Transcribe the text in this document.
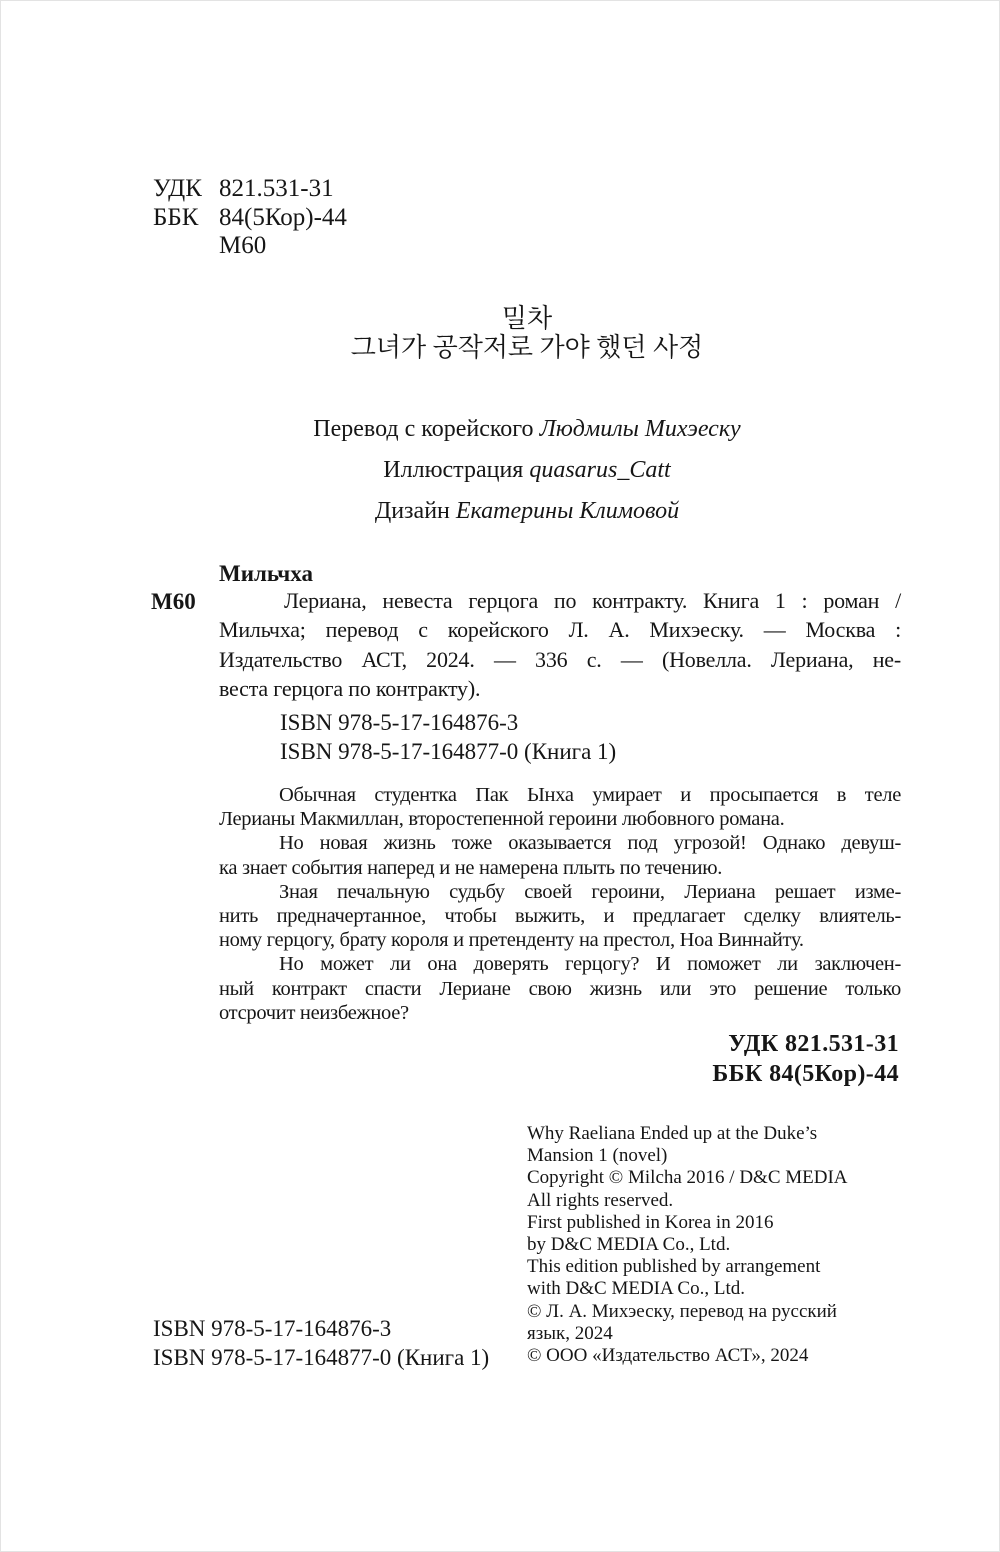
УДК 821.531-31
ББК 84(5Кор)-44
М60
밀차
그녀가 공작저로 가야 했던 사정
Перевод с корейского Людмилы Михэеску
Иллюстрация quasarus_Catt
Дизайн Екатерины Климовой
Мильчха
М60	Лериана, невеста герцога по контракту. Книга 1 : роман /
Мильчха; перевод с корейского Л. А. Михэеску. — Москва :
Издательство АСТ, 2024. — 336 с. — (Новелла. Лериана, не-
веста герцога по контракту).
ISBN 978-5-17-164876-3
ISBN 978-5-17-164877-0 (Книга 1)
Обычная студентка Пак Ынха умирает и просыпается в теле
Лерианы Макмиллан, второстепенной героини любовного романа.
Но новая жизнь тоже оказывается под угрозой! Однако девуш-
ка знает события наперед и не намерена плыть по течению.
Зная печальную судьбу своей героини, Лериана решает изме-
нить предначертанное, чтобы выжить, и предлагает сделку влиятель-
ному герцогу, брату короля и претенденту на престол, Ноа Виннайту.
Но может ли она доверять герцогу? И поможет ли заключен-
ный контракт спасти Лериане свою жизнь или это решение только
отсрочит неизбежное?
УДК 821.531-31
ББК 84(5Кор)-44
Why Raeliana Ended up at the Duke’s
Mansion 1 (novel)
Copyright © Milcha 2016 / D&C MEDIA
All rights reserved.
First published in Korea in 2016
by D&C MEDIA Co., Ltd.
This edition published by arrangement
with D&C MEDIA Co., Ltd.
© Л. А. Михэеску, перевод на русский
язык, 2024
© ООО «Издательство АСТ», 2024
ISBN 978-5-17-164876-3
ISBN 978-5-17-164877-0 (Книга 1)
